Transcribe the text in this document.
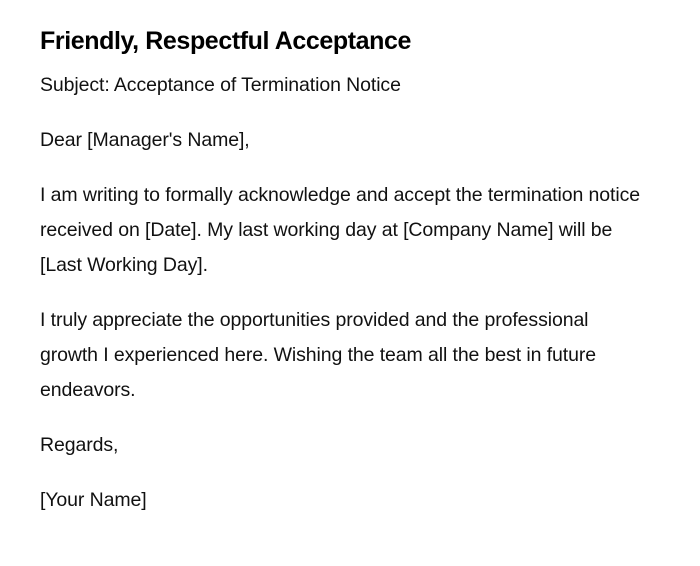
Friendly, Respectful Acceptance

Subject: Acceptance of Termination Notice

Dear [Manager's Name],

I am writing to formally acknowledge and accept the termination notice received on [Date]. My last working day at [Company Name] will be [Last Working Day].

I truly appreciate the opportunities provided and the professional growth I experienced here. Wishing the team all the best in future endeavors.

Regards,

[Your Name]
